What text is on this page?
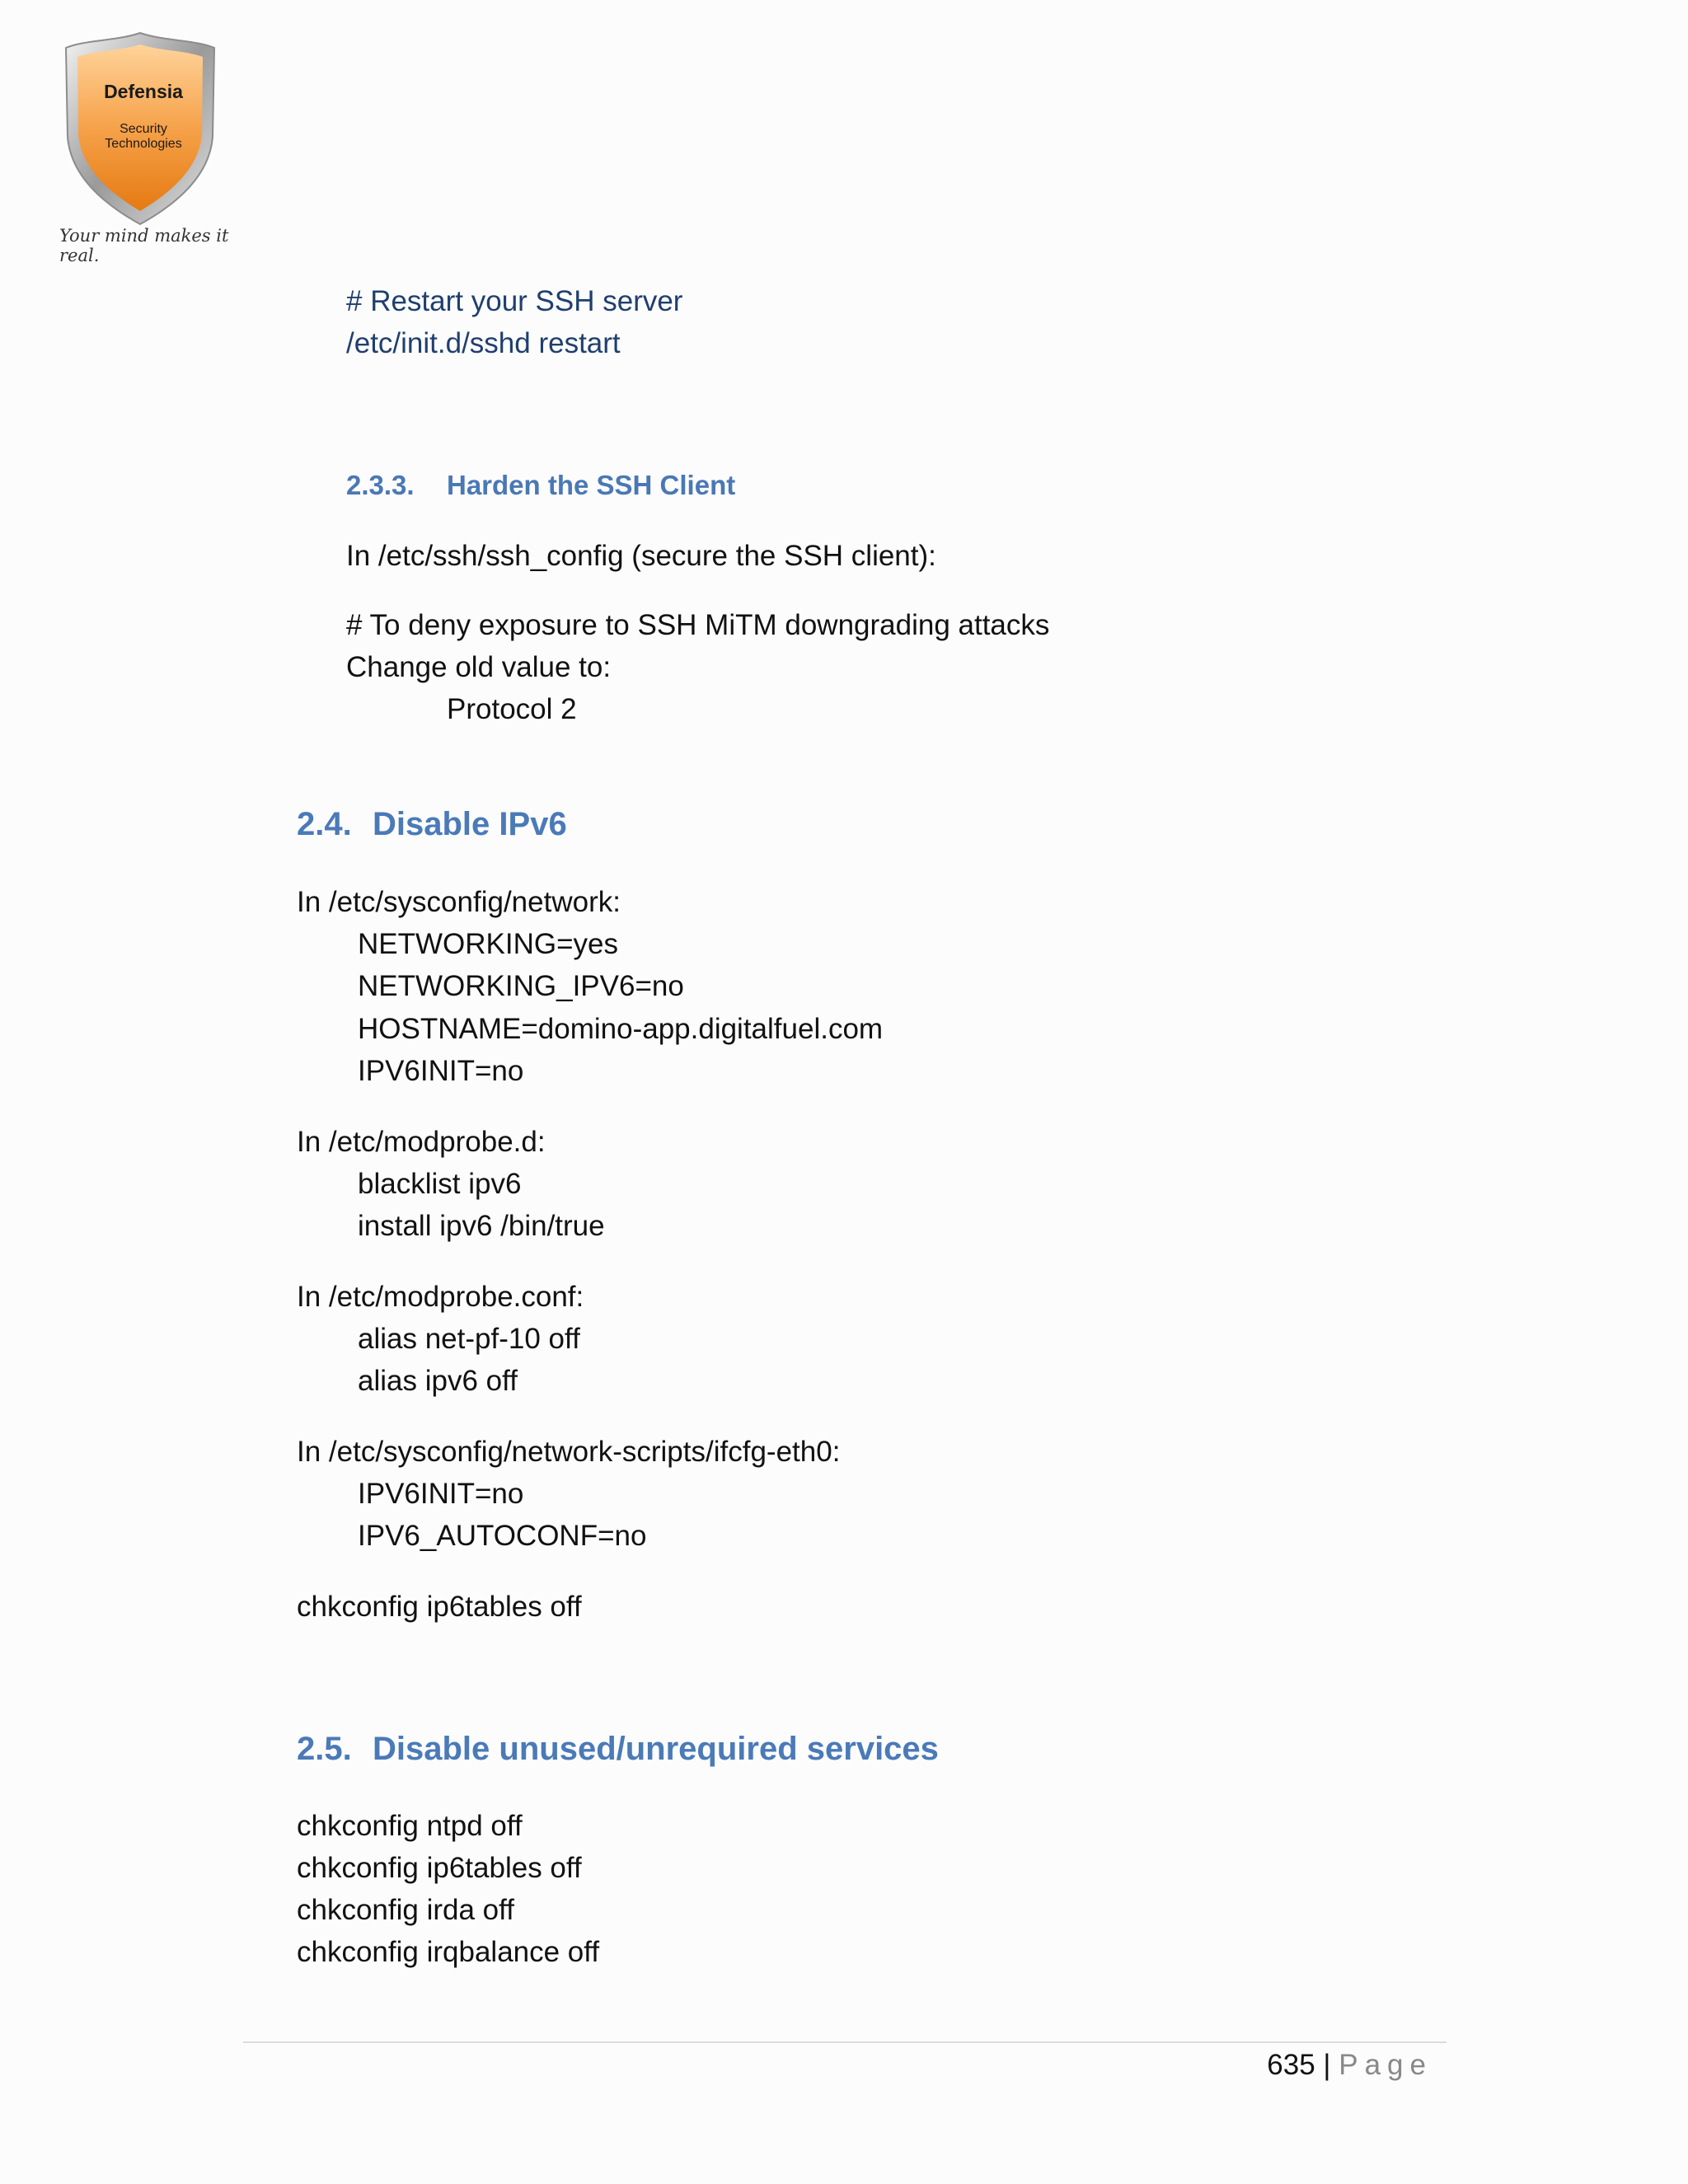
Defensia
Security
Technologies
Your mind makes it real.
# Restart your SSH server
/etc/init.d/sshd restart
2.3.3. Harden the SSH Client
In /etc/ssh/ssh_config (secure the SSH client):
# To deny exposure to SSH MiTM downgrading attacks
Change old value to:
Protocol 2
2.4. Disable IPv6
In /etc/sysconfig/network:
NETWORKING=yes
NETWORKING_IPV6=no
HOSTNAME=domino-app.digitalfuel.com
IPV6INIT=no
In /etc/modprobe.d:
blacklist ipv6
install ipv6 /bin/true
In /etc/modprobe.conf:
alias net-pf-10 off
alias ipv6 off
In /etc/sysconfig/network-scripts/ifcfg-eth0:
IPV6INIT=no
IPV6_AUTOCONF=no
chkconfig ip6tables off
2.5. Disable unused/unrequired services
chkconfig ntpd off
chkconfig ip6tables off
chkconfig irda off
chkconfig irqbalance off
635 | Page
